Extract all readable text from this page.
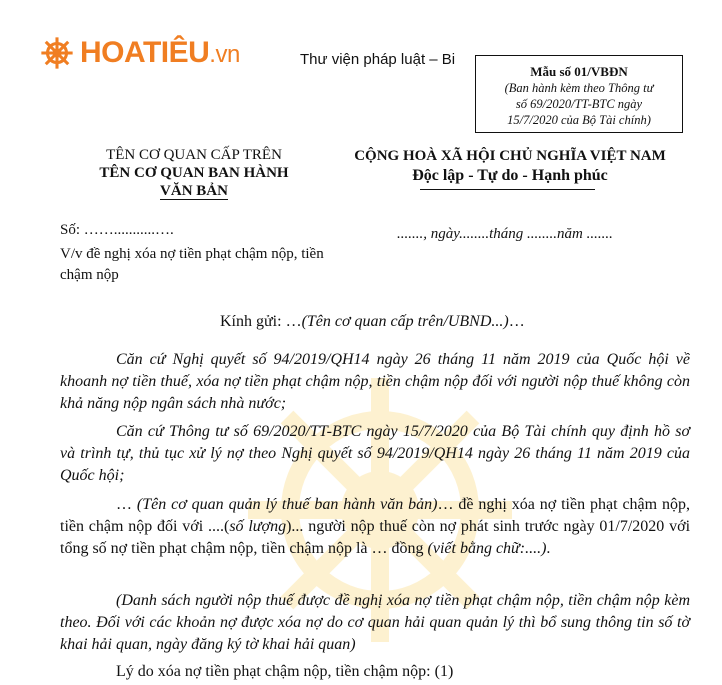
HOATIÊU.vn	Thư viện pháp luật – Bi
Mẫu số 01/VBĐN
(Ban hành kèm theo Thông tư
số 69/2020/TT-BTC ngày
15/7/2020 của Bộ Tài chính)
TÊN CƠ QUAN CẤP TRÊN
TÊN CƠ QUAN BAN HÀNH
VĂN BẢN
CỘNG HOÀ XÃ HỘI CHỦ NGHĨA VIỆT NAM
Độc lập - Tự do - Hạnh phúc
Số: ……...........….
V/v đề nghị xóa nợ tiền phạt chậm nộp, tiền chậm nộp
......., ngày........tháng ........năm .......
Kính gửi: …(Tên cơ quan cấp trên/UBND...)…
Căn cứ Nghị quyết số 94/2019/QH14 ngày 26 tháng 11 năm 2019 của Quốc hội về khoanh nợ tiền thuế, xóa nợ tiền phạt chậm nộp, tiền chậm nộp đối với người nộp thuế không còn khả năng nộp ngân sách nhà nước;
Căn cứ Thông tư số 69/2020/TT-BTC ngày 15/7/2020 của Bộ Tài chính quy định hồ sơ và trình tự, thủ tục xử lý nợ theo Nghị quyết số 94/2019/QH14 ngày 26 tháng 11 năm 2019 của Quốc hội;
… (Tên cơ quan quản lý thuế ban hành văn bản)… đề nghị xóa nợ tiền phạt chậm nộp, tiền chậm nộp đối với ....(số lượng)... người nộp thuế còn nợ phát sinh trước ngày 01/7/2020 với tổng số nợ tiền phạt chậm nộp, tiền chậm nộp là … đồng (viết bằng chữ:....).
(Danh sách người nộp thuế được đề nghị xóa nợ tiền phạt chậm nộp, tiền chậm nộp kèm theo. Đối với các khoản nợ được xóa nợ do cơ quan hải quan quản lý thì bổ sung thông tin số tờ khai hải quan, ngày đăng ký tờ khai hải quan)
Lý do xóa nợ tiền phạt chậm nộp, tiền chậm nộp: (1)
